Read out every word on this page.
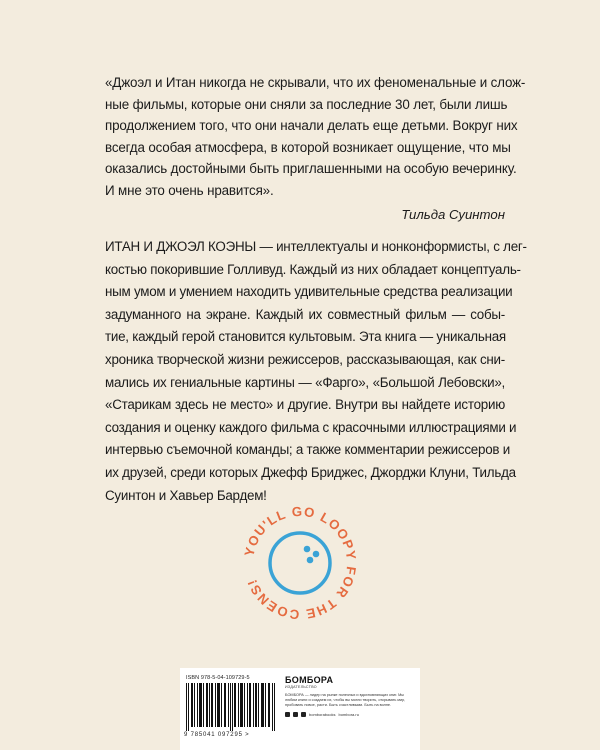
«Джоэл и Итан никогда не скрывали, что их феноменальные и слож-
ные фильмы, которые они сняли за последние 30 лет, были лишь
продолжением того, что они начали делать еще детьми. Вокруг них
всегда особая атмосфера, в которой возникает ощущение, что мы
оказались достойными быть приглашенными на особую вечеринку.
И мне это очень нравится».
Тильда Суинтон
ИТАН И ДЖОЭЛ КОЭНЫ — интеллектуалы и нонконформисты, с лег-
костью покорившие Голливуд. Каждый из них обладает концептуаль-
ным умом и умением находить удивительные средства реализации
задуманного на экране. Каждый их совместный фильм — собы-
тие, каждый герой становится культовым. Эта книга — уникальная
хроника творческой жизни режиссеров, рассказывающая, как сни-
мались их гениальные картины — «Фарго», «Большой Лебовски»,
«Старикам здесь не место» и другие. Внутри вы найдете историю
создания и оценку каждого фильма с красочными иллюстрациями и
интервью съемочной команды; а также комментарии режиссеров и
их друзей, среди которых Джефф Бриджес, Джорджи Клуни, Тильда
Суинтон и Хавьер Бардем!
YOU'LL GO LOOPY FOR THE COENS!
ISBN 978-5-04-109729-5
9 785041 097295 >
БОМБОРА
ИЗДАТЕЛЬСТВО
БОМБОРА — лидер на рынке полезных и вдохновляющих книг. Мы любим книги и создаем их, чтобы вы могли творить, открывать мир, пробовать новое, расти. Быть счастливыми. Быть на волне.
bomborabooks bombora.ru
